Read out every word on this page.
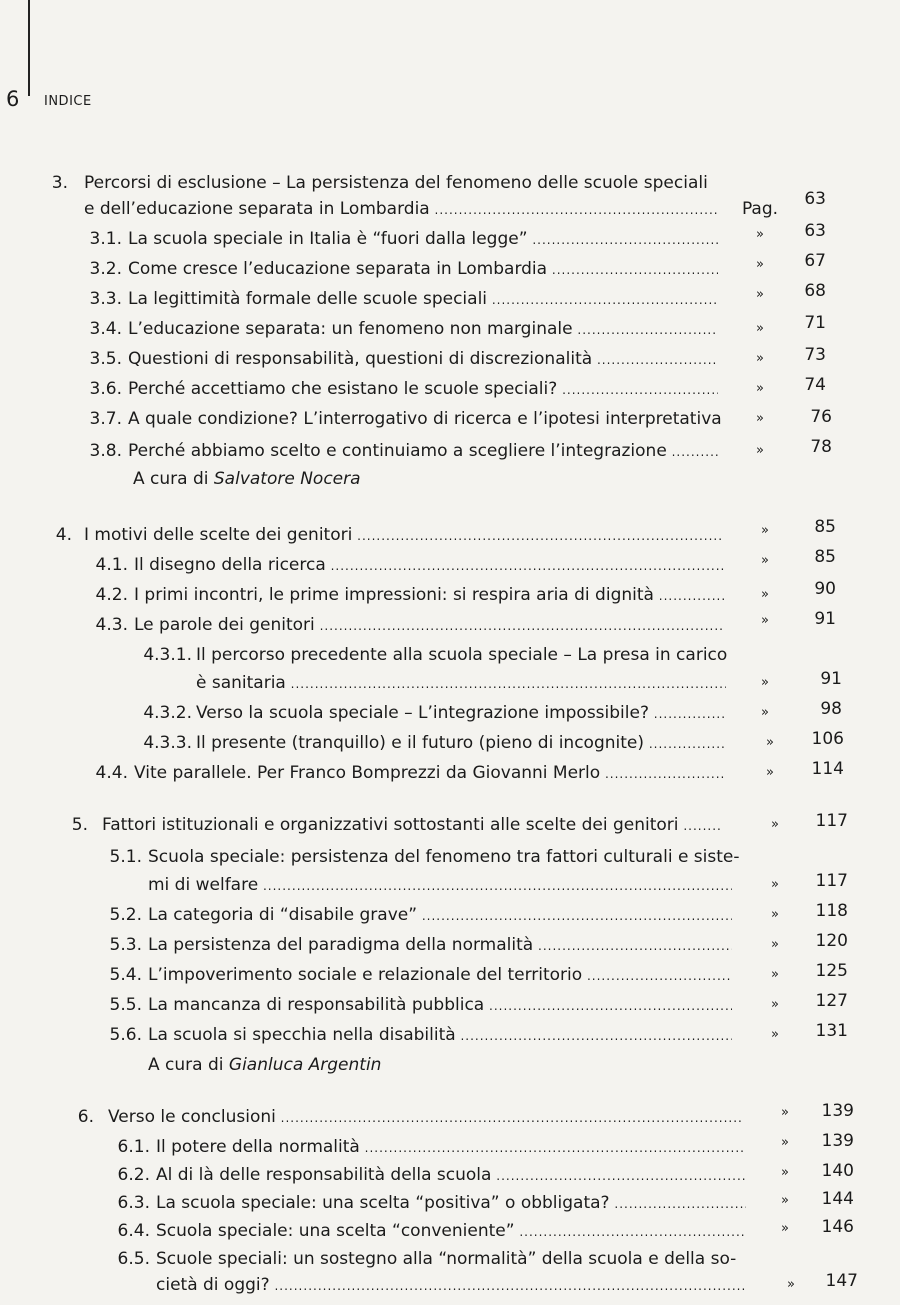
6 INDICE
3. Percorsi di esclusione – La persistenza del fenomeno delle scuole speciali
e dell’educazione separata in Lombardia .....	Pag.	63
3.1. La scuola speciale in Italia è “fuori dalla legge” .....	»	63
3.2. Come cresce l’educazione separata in Lombardia .....	»	67
3.3. La legittimità formale delle scuole speciali .....	»	68
3.4. L’educazione separata: un fenomeno non marginale .....	»	71
3.5. Questioni di responsabilità, questioni di discrezionalità .....	»	73
3.6. Perché accettiamo che esistano le scuole speciali? .....	»	74
3.7. A quale condizione? L’interrogativo di ricerca e l’ipotesi interpretativa	»	76
3.8. Perché abbiamo scelto e continuiamo a scegliere l’integrazione .....	»	78
A cura di Salvatore Nocera
4. I motivi delle scelte dei genitori .....	»	85
4.1. Il disegno della ricerca .....	»	85
4.2. I primi incontri, le prime impressioni: si respira aria di dignità .....	»	90
4.3. Le parole dei genitori .....	»	91
4.3.1. Il percorso precedente alla scuola speciale – La presa in carico
è sanitaria .....	»	91
4.3.2. Verso la scuola speciale – L’integrazione impossibile? .....	»	98
4.3.3. Il presente (tranquillo) e il futuro (pieno di incognite) .....	»	106
4.4. Vite parallele. Per Franco Bomprezzi da Giovanni Merlo .....	»	114
5. Fattori istituzionali e organizzativi sottostanti alle scelte dei genitori .....	»	117
5.1. Scuola speciale: persistenza del fenomeno tra fattori culturali e siste-
mi di welfare .....	»	117
5.2. La categoria di “disabile grave” .....	»	118
5.3. La persistenza del paradigma della normalità .....	»	120
5.4. L’impoverimento sociale e relazionale del territorio .....	»	125
5.5. La mancanza di responsabilità pubblica .....	»	127
5.6. La scuola si specchia nella disabilità .....	»	131
A cura di Gianluca Argentin
6. Verso le conclusioni .....	»	139
6.1. Il potere della normalità .....	»	139
6.2. Al di là delle responsabilità della scuola .....	»	140
6.3. La scuola speciale: una scelta “positiva” o obbligata? .....	»	144
6.4. Scuola speciale: una scelta “conveniente” .....	»	146
6.5. Scuole speciali: un sostegno alla “normalità” della scuola e della so-
cietà di oggi? .....	»	147
